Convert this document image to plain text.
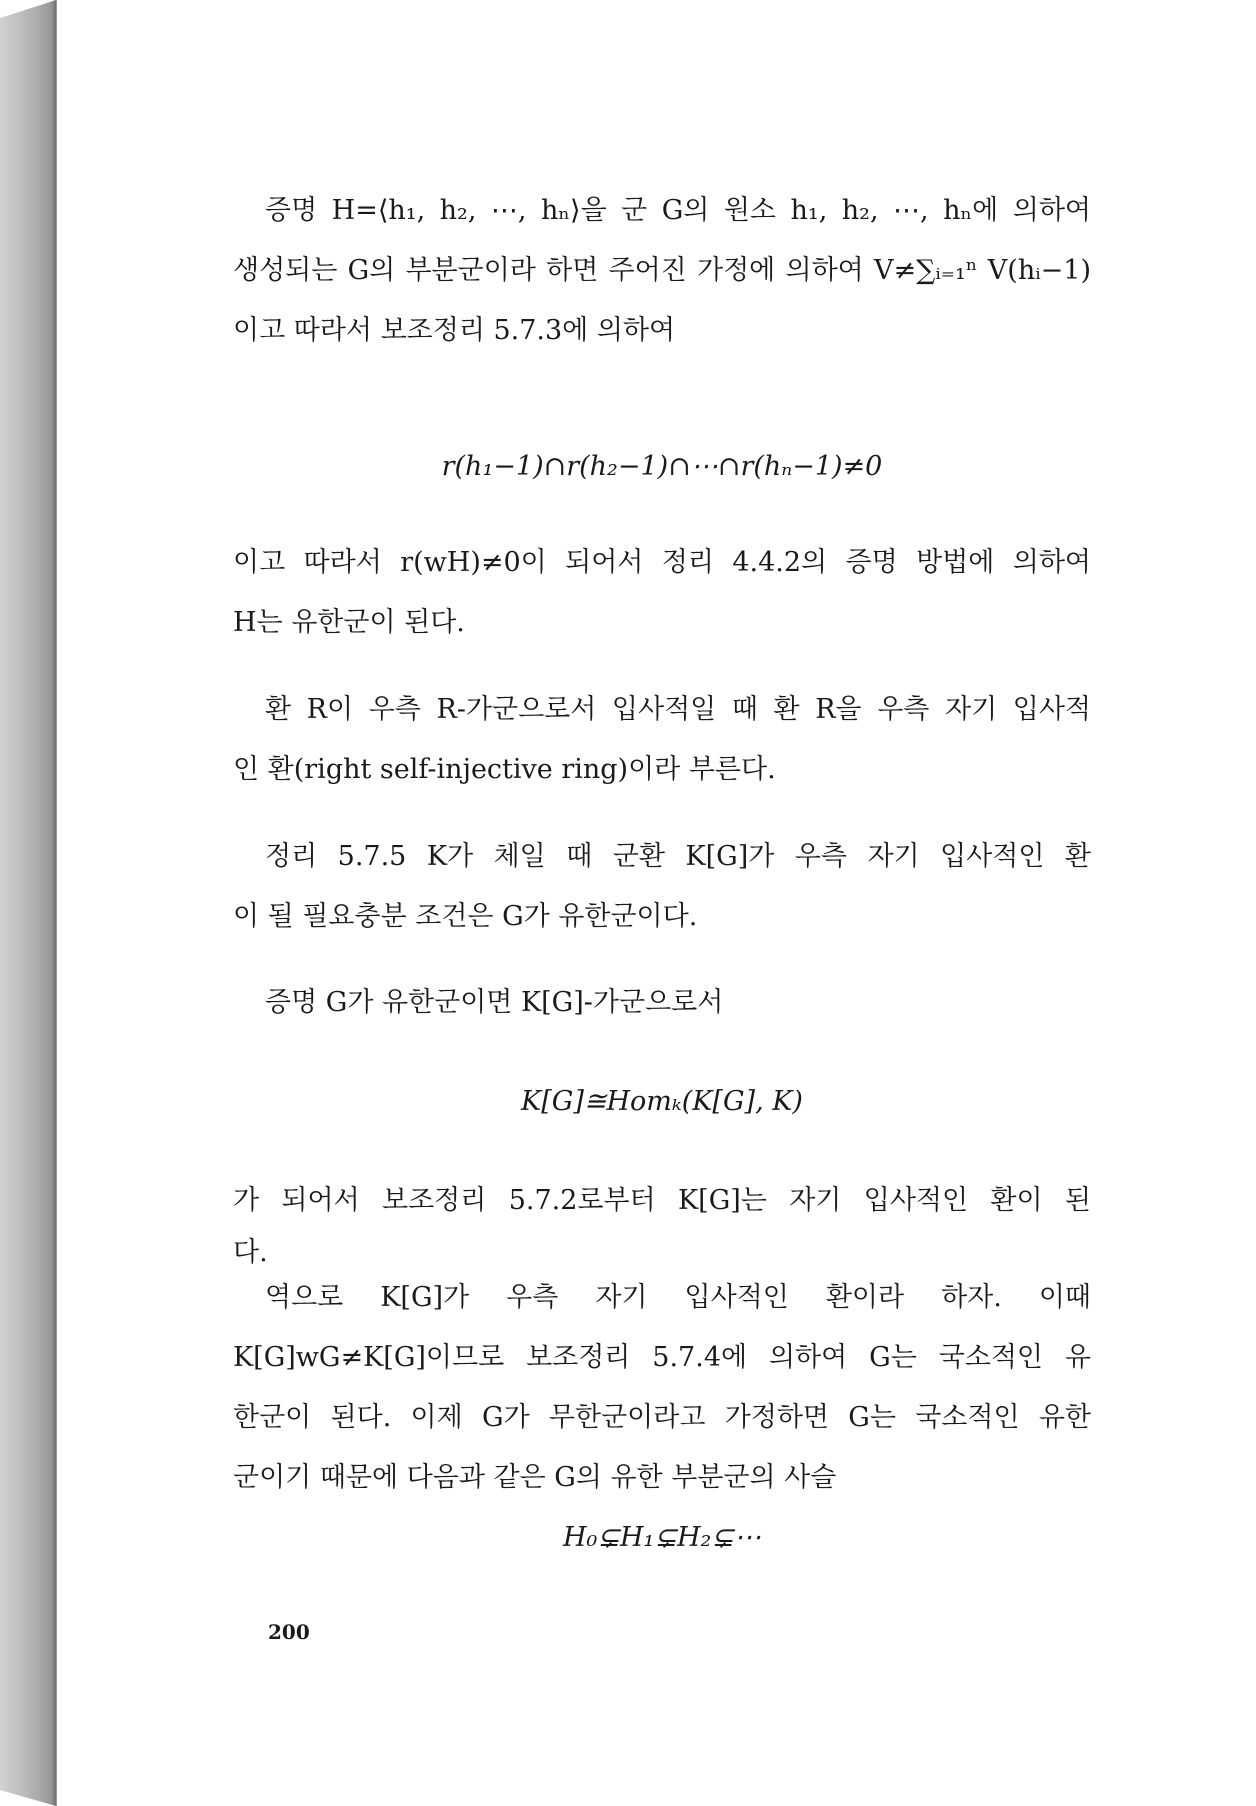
증명 H=⟨h₁, h₂, ⋯, hₙ⟩을 군 G의 원소 h₁, h₂, ⋯, hₙ에 의하여
생성되는 G의 부분군이라 하면 주어진 가정에 의하여 V≠∑ᵢ₌₁ⁿ V(hᵢ−1)
이고 따라서 보조정리 5.7.3에 의하여
r(h₁−1)∩r(h₂−1)∩⋯∩r(hₙ−1)≠0
이고 따라서 r(wH)≠0이 되어서 정리 4.4.2의 증명 방법에 의하여
H는 유한군이 된다.
환 R이 우측 R-가군으로서 입사적일 때 환 R을 우측 자기 입사적
인 환(right self-injective ring)이라 부른다.
정리 5.7.5 K가 체일 때 군환 K[G]가 우측 자기 입사적인 환
이 될 필요충분 조건은 G가 유한군이다.
증명 G가 유한군이면 K[G]-가군으로서
K[G]≅Homₖ(K[G], K)
가 되어서 보조정리 5.7.2로부터 K[G]는 자기 입사적인 환이 된
다.
역으로 K[G]가 우측 자기 입사적인 환이라 하자. 이때
K[G]wG≠K[G]이므로 보조정리 5.7.4에 의하여 G는 국소적인 유
한군이 된다. 이제 G가 무한군이라고 가정하면 G는 국소적인 유한
군이기 때문에 다음과 같은 G의 유한 부분군의 사슬
H₀⊊H₁⊊H₂⊊⋯
200
